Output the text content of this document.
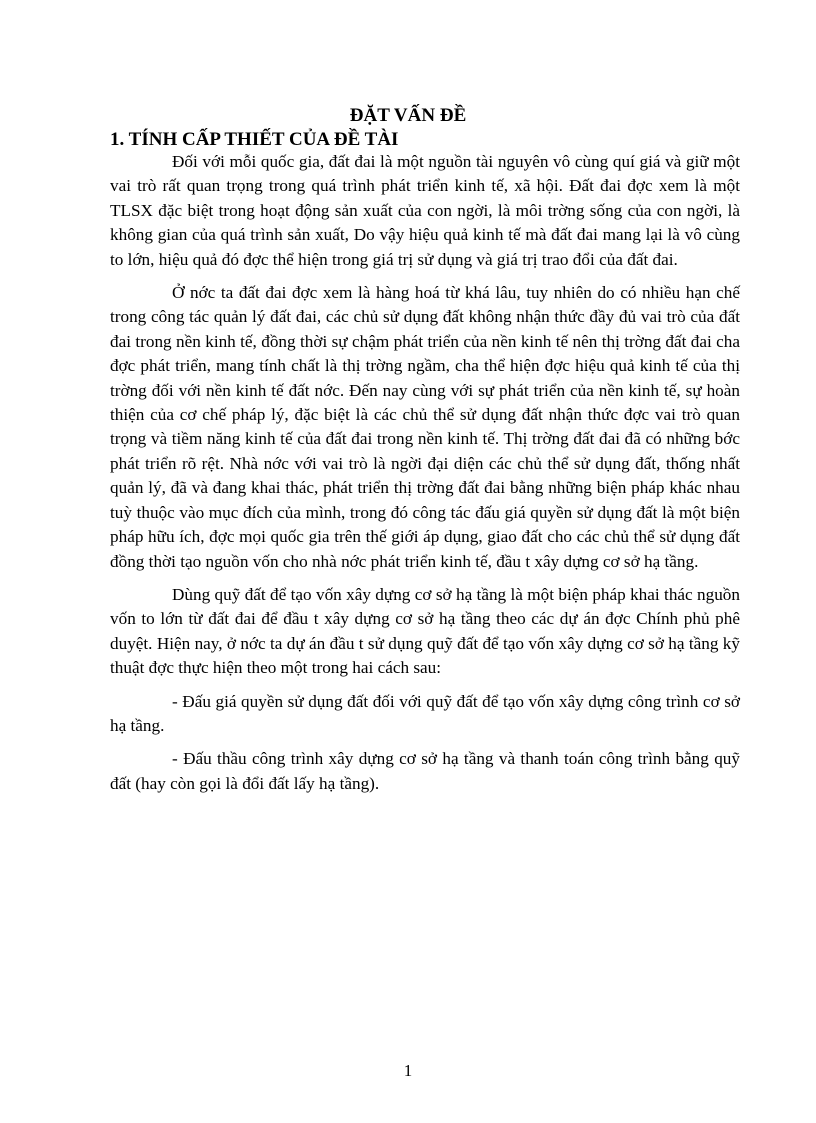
ĐẶT VẤN ĐỀ
1. TÍNH CẤP THIẾT CỦA ĐỀ TÀI

Đối với mỗi quốc gia, đất đai là một nguồn tài nguyên vô cùng quí giá và giữ một vai trò rất quan trọng trong quá trình phát triển kinh tế, xã hội. Đất đai đợc xem là một TLSX đặc biệt trong hoạt động sản xuất của con ngời, là môi trờng sống của con ngời, là không gian của quá trình sản xuất, Do vậy hiệu quả kinh tế mà đất đai mang lại là vô cùng to lớn, hiệu quả đó đợc thể hiện trong giá trị sử dụng và giá trị trao đổi của đất đai.

Ở nớc ta đất đai đợc xem là hàng hoá từ khá lâu, tuy nhiên do có nhiều hạn chế trong công tác quản lý đất đai, các chủ sử dụng đất không nhận thức đầy đủ vai trò của đất đai trong nền kinh tế, đồng thời sự chậm phát triển của nền kinh tế nên thị trờng đất đai cha đợc phát triển, mang tính chất là thị trờng ngầm, cha thể hiện đợc hiệu quả kinh tế của thị trờng đối với nền kinh tế đất nớc. Đến nay cùng với sự phát triển của nền kinh tế, sự hoàn thiện của cơ chế pháp lý, đặc biệt là các chủ thể sử dụng đất nhận thức đợc vai trò quan trọng và tiềm năng kinh tế của đất đai trong nền kinh tế. Thị trờng đất đai đã có những bớc phát triển rõ rệt. Nhà nớc với vai trò là ngời đại diện các chủ thể sử dụng đất, thống nhất quản lý, đã và đang khai thác, phát triển thị trờng đất đai bằng những biện pháp khác nhau tuỳ thuộc vào mục đích của mình, trong đó công tác đấu giá quyền sử dụng đất là một biện pháp hữu ích, đợc mọi quốc gia trên thế giới áp dụng, giao đất cho các chủ thể sử dụng đất đồng thời tạo nguồn vốn cho nhà nớc phát triển kinh tế, đầu t xây dựng cơ sở hạ tầng.

Dùng quỹ đất để tạo vốn xây dựng cơ sở hạ tầng là một biện pháp khai thác nguồn vốn to lớn từ đất đai để đầu t xây dựng cơ sở hạ tầng theo các dự án đợc Chính phủ phê duyệt. Hiện nay, ở nớc ta dự án đầu t sử dụng quỹ đất để tạo vốn xây dựng cơ sở hạ tầng kỹ thuật đợc thực hiện theo một trong hai cách sau:

- Đấu giá quyền sử dụng đất đối với quỹ đất để tạo vốn xây dựng công trình cơ sở hạ tầng.

- Đấu thầu công trình xây dựng cơ sở hạ tầng và thanh toán công trình bằng quỹ đất (hay còn gọi là đổi đất lấy hạ tầng).

1
